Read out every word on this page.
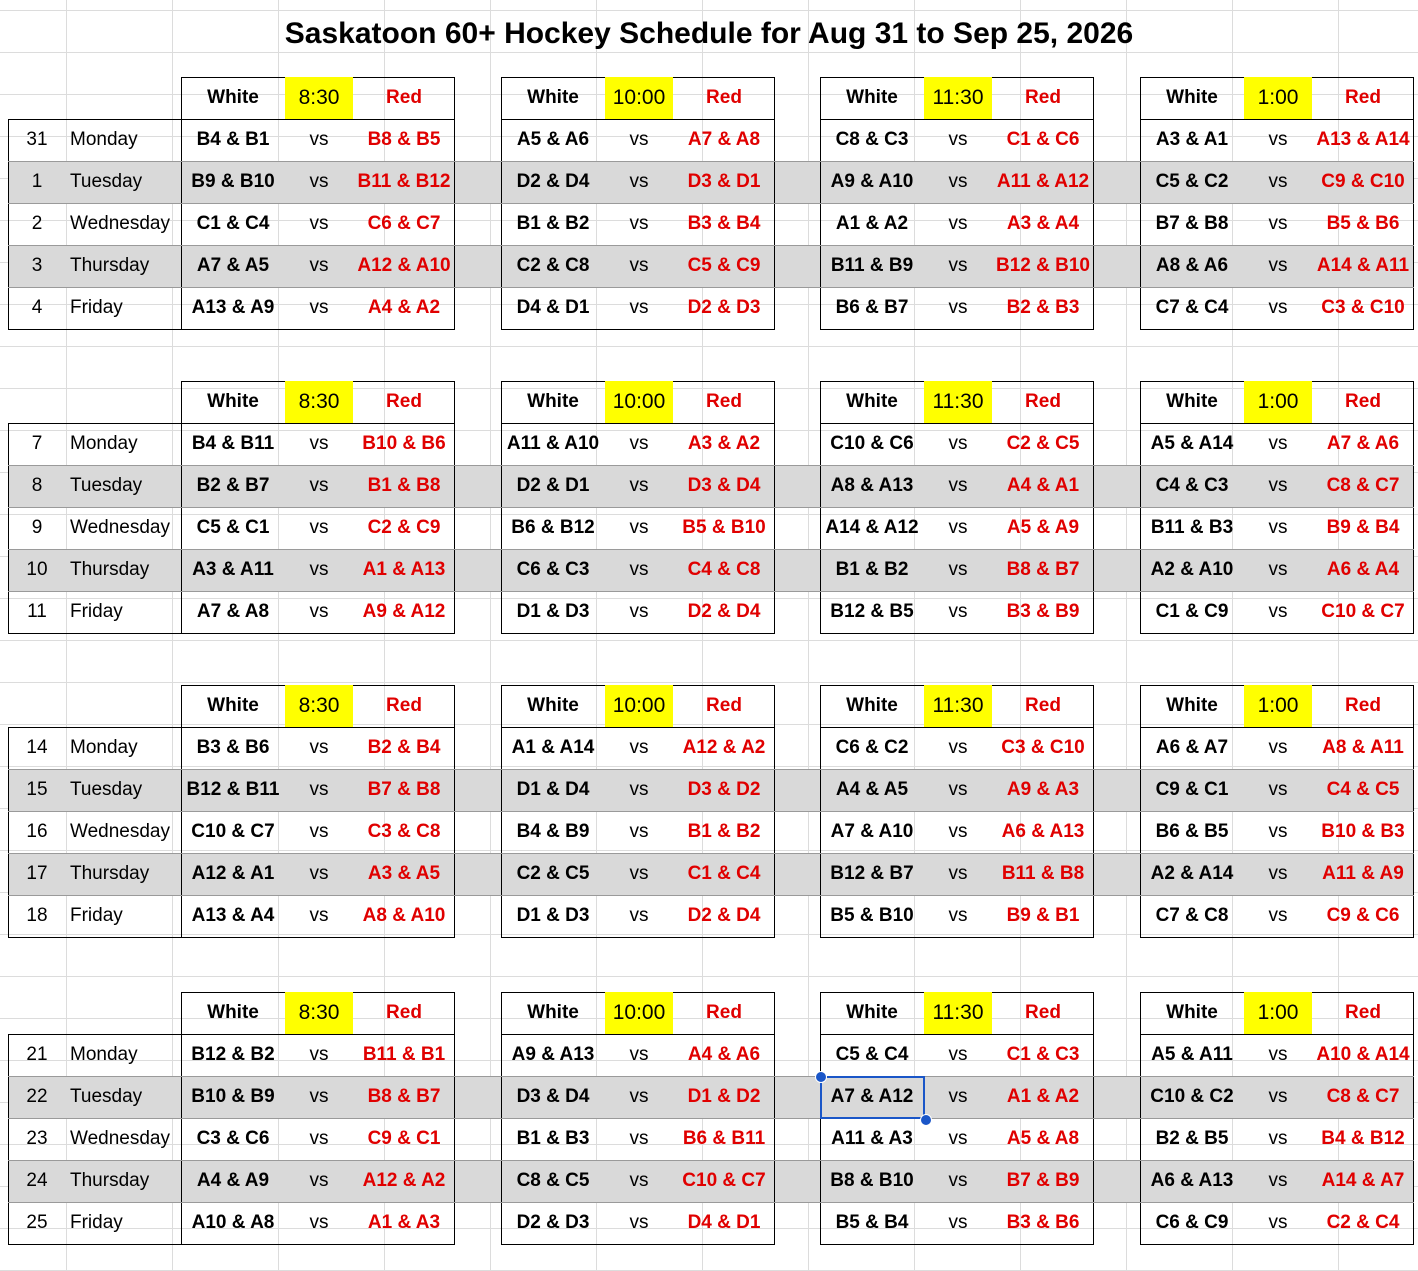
Saskatoon 60+ Hockey Schedule for Aug 31 to Sep 25, 2026
White	8:30	Red	White	10:00	Red	White	11:30	Red	White	1:00	Red
31	Monday	B4 & B1	vs	B8 & B5	A5 & A6	vs	A7 & A8	C8 & C3	vs	C1 & C6	A3 & A1	vs	A13 & A14
1	Tuesday	B9 & B10	vs	B11 & B12	D2 & D4	vs	D3 & D1	A9 & A10	vs	A11 & A12	C5 & C2	vs	C9 & C10
2	Wednesday	C1 & C4	vs	C6 & C7	B1 & B2	vs	B3 & B4	A1 & A2	vs	A3 & A4	B7 & B8	vs	B5 & B6
3	Thursday	A7 & A5	vs	A12 & A10	C2 & C8	vs	C5 & C9	B11 & B9	vs	B12 & B10	A8 & A6	vs	A14 & A11
4	Friday	A13 & A9	vs	A4 & A2	D4 & D1	vs	D2 & D3	B6 & B7	vs	B2 & B3	C7 & C4	vs	C3 & C10
White	8:30	Red	White	10:00	Red	White	11:30	Red	White	1:00	Red
7	Monday	B4 & B11	vs	B10 & B6	A11 & A10	vs	A3 & A2	C10 & C6	vs	C2 & C5	A5 & A14	vs	A7 & A6
8	Tuesday	B2 & B7	vs	B1 & B8	D2 & D1	vs	D3 & D4	A8 & A13	vs	A4 & A1	C4 & C3	vs	C8 & C7
9	Wednesday	C5 & C1	vs	C2 & C9	B6 & B12	vs	B5 & B10	A14 & A12	vs	A5 & A9	B11 & B3	vs	B9 & B4
10	Thursday	A3 & A11	vs	A1 & A13	C6 & C3	vs	C4 & C8	B1 & B2	vs	B8 & B7	A2 & A10	vs	A6 & A4
11	Friday	A7 & A8	vs	A9 & A12	D1 & D3	vs	D2 & D4	B12 & B5	vs	B3 & B9	C1 & C9	vs	C10 & C7
White	8:30	Red	White	10:00	Red	White	11:30	Red	White	1:00	Red
14	Monday	B3 & B6	vs	B2 & B4	A1 & A14	vs	A12 & A2	C6 & C2	vs	C3 & C10	A6 & A7	vs	A8 & A11
15	Tuesday	B12 & B11	vs	B7 & B8	D1 & D4	vs	D3 & D2	A4 & A5	vs	A9 & A3	C9 & C1	vs	C4 & C5
16	Wednesday	C10 & C7	vs	C3 & C8	B4 & B9	vs	B1 & B2	A7 & A10	vs	A6 & A13	B6 & B5	vs	B10 & B3
17	Thursday	A12 & A1	vs	A3 & A5	C2 & C5	vs	C1 & C4	B12 & B7	vs	B11 & B8	A2 & A14	vs	A11 & A9
18	Friday	A13 & A4	vs	A8 & A10	D1 & D3	vs	D2 & D4	B5 & B10	vs	B9 & B1	C7 & C8	vs	C9 & C6
White	8:30	Red	White	10:00	Red	White	11:30	Red	White	1:00	Red
21	Monday	B12 & B2	vs	B11 & B1	A9 & A13	vs	A4 & A6	C5 & C4	vs	C1 & C3	A5 & A11	vs	A10 & A14
22	Tuesday	B10 & B9	vs	B8 & B7	D3 & D4	vs	D1 & D2	A7 & A12	vs	A1 & A2	C10 & C2	vs	C8 & C7
23	Wednesday	C3 & C6	vs	C9 & C1	B1 & B3	vs	B6 & B11	A11 & A3	vs	A5 & A8	B2 & B5	vs	B4 & B12
24	Thursday	A4 & A9	vs	A12 & A2	C8 & C5	vs	C10 & C7	B8 & B10	vs	B7 & B9	A6 & A13	vs	A14 & A7
25	Friday	A10 & A8	vs	A1 & A3	D2 & D3	vs	D4 & D1	B5 & B4	vs	B3 & B6	C6 & C9	vs	C2 & C4
